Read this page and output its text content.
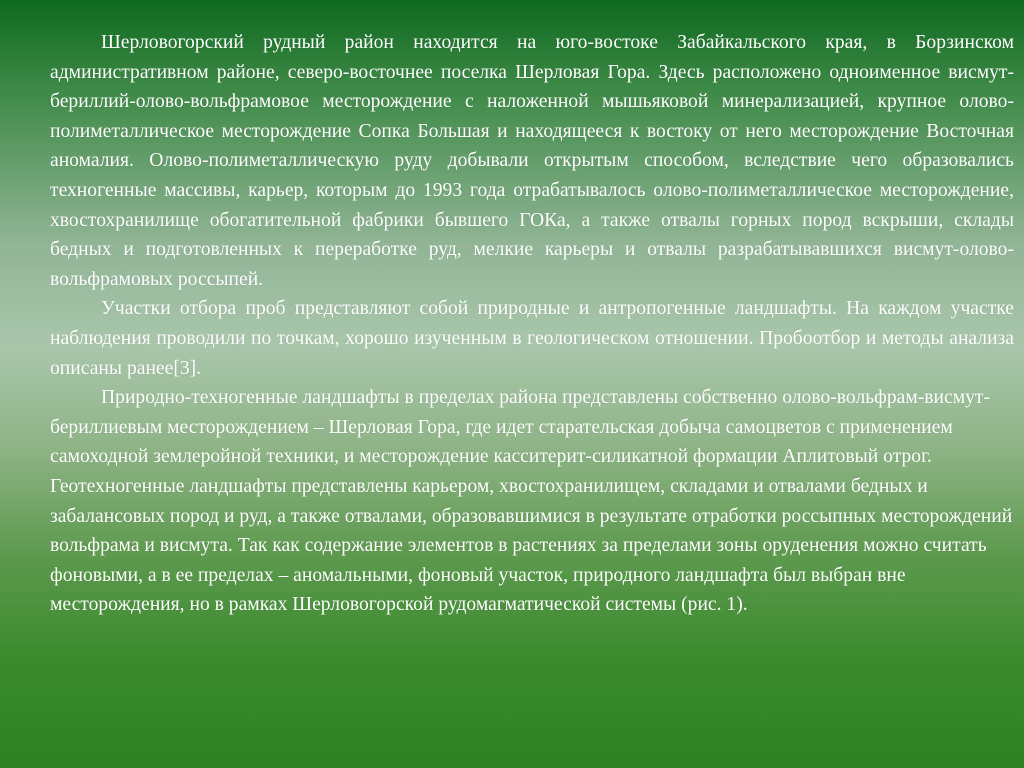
Шерловогорский рудный район находится на юго-востоке Забайкальского края, в Борзинском административном районе, северо-восточнее поселка Шерловая Гора. Здесь расположено одноименное висмут-бериллий-олово-вольфрамовое месторождение с наложенной мышьяковой минерализацией, крупное олово-полиметаллическое месторождение Сопка Большая и находящееся к востоку от него месторождение Восточная аномалия. Олово-полиметаллическую руду добывали открытым способом, вследствие чего образовались техногенные массивы, карьер, которым до 1993 года отрабатывалось олово-полиметаллическое месторождение, хвостохранилище обогатительной фабрики бывшего ГОКа, а также отвалы горных пород вскрыши, склады бедных и подготовленных к переработке руд, мелкие карьеры и отвалы разрабатывавшихся висмут-олово-вольфрамовых россыпей.

Участки отбора проб представляют собой природные и антропогенные ландшафты. На каждом участке наблюдения проводили по точкам, хорошо изученным в геологическом отношении. Пробоотбор и методы анализа описаны ранее[3].

Природно-техногенные ландшафты в пределах района представлены собственно олово-вольфрам-висмут-бериллиевым месторождением – Шерловая Гора, где идет старательская добыча самоцветов с применением самоходной землеройной техники, и месторождение касситерит-силикатной формации Аплитовый отрог. Геотехногенные ландшафты представлены карьером, хвостохранилищем, складами и отвалами бедных и забалансовых пород и руд, а также отвалами, образовавшимися в результате отработки россыпных месторождений вольфрама и висмута. Так как содержание элементов в растениях за пределами зоны оруденения можно считать фоновыми, а в ее пределах – аномальными, фоновый участок, природного ландшафта был выбран вне месторождения, но в рамках Шерловогорской рудомагматической системы (рис. 1).
